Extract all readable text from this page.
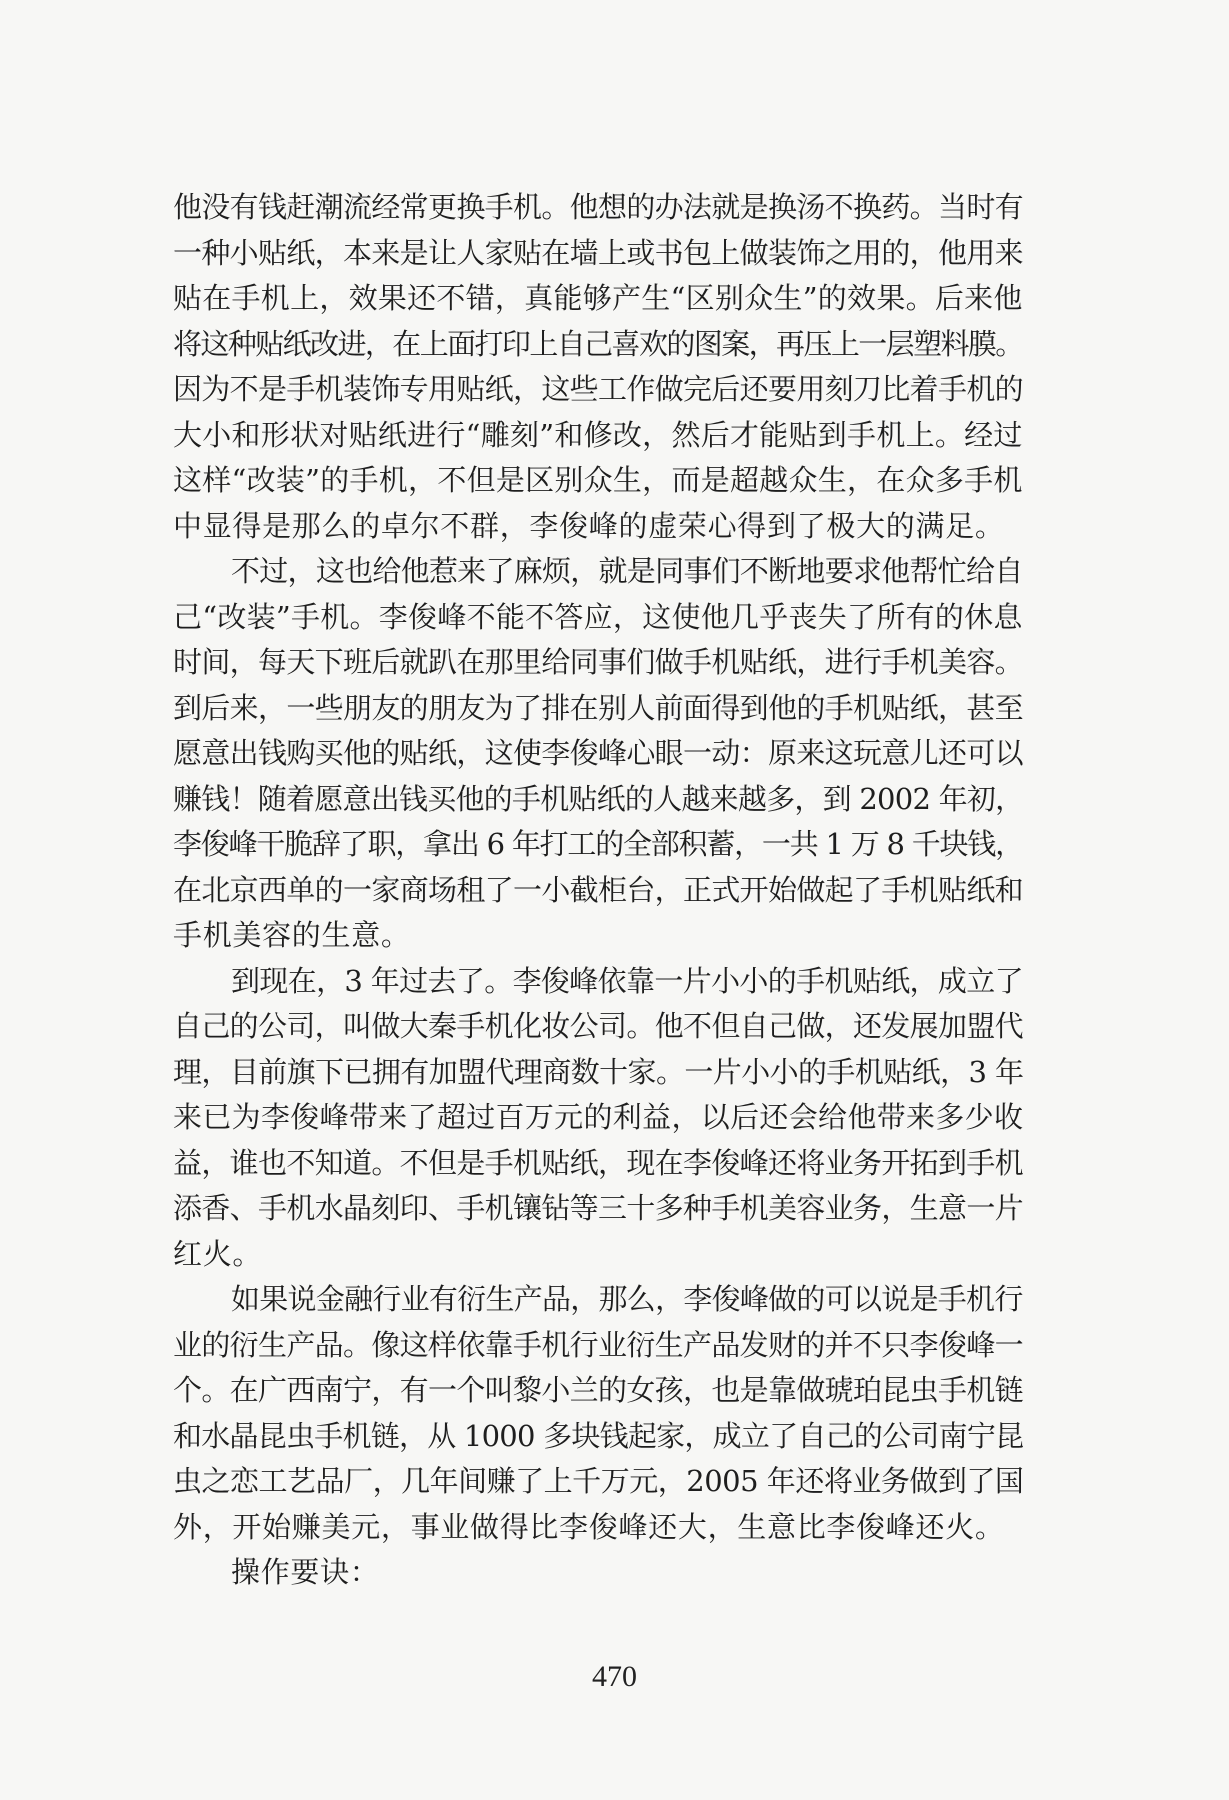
他没有钱赶潮流经常更换手机。他想的办法就是换汤不换药。当时有
一种小贴纸，本来是让人家贴在墙上或书包上做装饰之用的，他用来
贴在手机上，效果还不错，真能够产生“区别众生”的效果。后来他
将这种贴纸改进，在上面打印上自己喜欢的图案，再压上一层塑料膜。
因为不是手机装饰专用贴纸，这些工作做完后还要用刻刀比着手机的
大小和形状对贴纸进行“雕刻”和修改，然后才能贴到手机上。经过
这样“改装”的手机，不但是区别众生，而是超越众生，在众多手机
中显得是那么的卓尔不群，李俊峰的虚荣心得到了极大的满足。
不过，这也给他惹来了麻烦，就是同事们不断地要求他帮忙给自
己“改装”手机。李俊峰不能不答应，这使他几乎丧失了所有的休息
时间，每天下班后就趴在那里给同事们做手机贴纸，进行手机美容。
到后来，一些朋友的朋友为了排在别人前面得到他的手机贴纸，甚至
愿意出钱购买他的贴纸，这使李俊峰心眼一动：原来这玩意儿还可以
赚钱！随着愿意出钱买他的手机贴纸的人越来越多，到 2002 年初，
李俊峰干脆辞了职，拿出 6 年打工的全部积蓄，一共 1 万 8 千块钱，
在北京西单的一家商场租了一小截柜台，正式开始做起了手机贴纸和
手机美容的生意。
到现在，3 年过去了。李俊峰依靠一片小小的手机贴纸，成立了
自己的公司，叫做大秦手机化妆公司。他不但自己做，还发展加盟代
理，目前旗下已拥有加盟代理商数十家。一片小小的手机贴纸，3 年
来已为李俊峰带来了超过百万元的利益，以后还会给他带来多少收
益，谁也不知道。不但是手机贴纸，现在李俊峰还将业务开拓到手机
添香、手机水晶刻印、手机镶钻等三十多种手机美容业务，生意一片
红火。
如果说金融行业有衍生产品，那么，李俊峰做的可以说是手机行
业的衍生产品。像这样依靠手机行业衍生产品发财的并不只李俊峰一
个。在广西南宁，有一个叫黎小兰的女孩，也是靠做琥珀昆虫手机链
和水晶昆虫手机链，从 1000 多块钱起家，成立了自己的公司南宁昆
虫之恋工艺品厂，几年间赚了上千万元，2005 年还将业务做到了国
外，开始赚美元，事业做得比李俊峰还大，生意比李俊峰还火。
操作要诀：
470
